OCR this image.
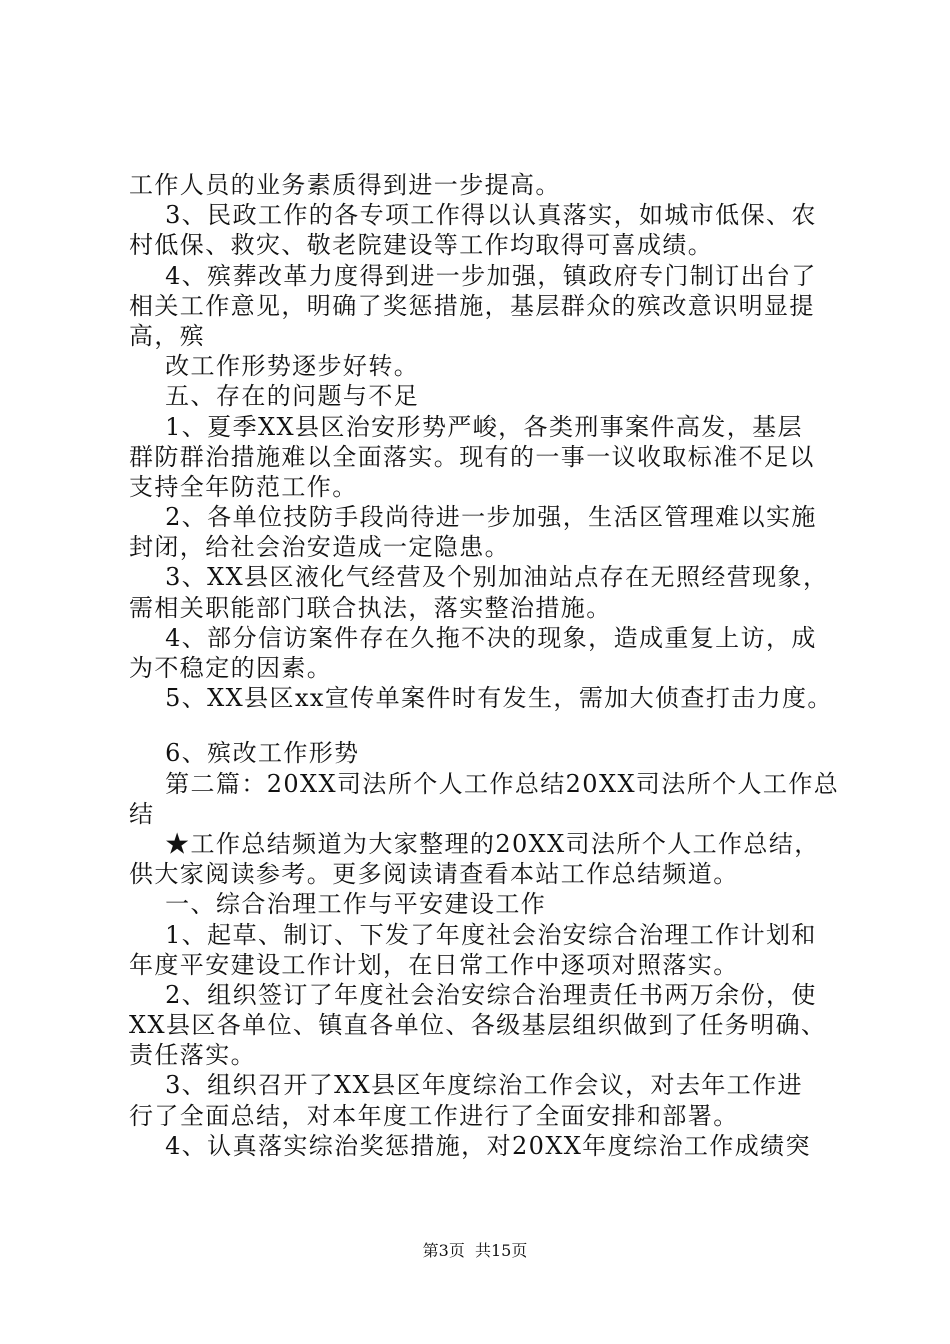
工作人员的业务素质得到进一步提高。
3、民政工作的各专项工作得以认真落实，如城市低保、农
村低保、救灾、敬老院建设等工作均取得可喜成绩。
4、殡葬改革力度得到进一步加强，镇政府专门制订出台了
相关工作意见，明确了奖惩措施，基层群众的殡改意识明显提
高，殡
改工作形势逐步好转。
五、存在的问题与不足
1、夏季XX县区治安形势严峻，各类刑事案件高发，基层
群防群治措施难以全面落实。现有的一事一议收取标准不足以
支持全年防范工作。
2、各单位技防手段尚待进一步加强，生活区管理难以实施
封闭，给社会治安造成一定隐患。
3、XX县区液化气经营及个别加油站点存在无照经营现象，
需相关职能部门联合执法，落实整治措施。
4、部分信访案件存在久拖不决的现象，造成重复上访，成
为不稳定的因素。
5、XX县区xx宣传单案件时有发生，需加大侦查打击力度。
6、殡改工作形势
第二篇：20XX司法所个人工作总结20XX司法所个人工作总
结
★工作总结频道为大家整理的20XX司法所个人工作总结，
供大家阅读参考。更多阅读请查看本站工作总结频道。
一、综合治理工作与平安建设工作
1、起草、制订、下发了年度社会治安综合治理工作计划和
年度平安建设工作计划，在日常工作中逐项对照落实。
2、组织签订了年度社会治安综合治理责任书两万余份，使
XX县区各单位、镇直各单位、各级基层组织做到了任务明确、
责任落实。
3、组织召开了XX县区年度综治工作会议，对去年工作进
行了全面总结，对本年度工作进行了全面安排和部署。
4、认真落实综治奖惩措施，对20XX年度综治工作成绩突
第3页  共15页
